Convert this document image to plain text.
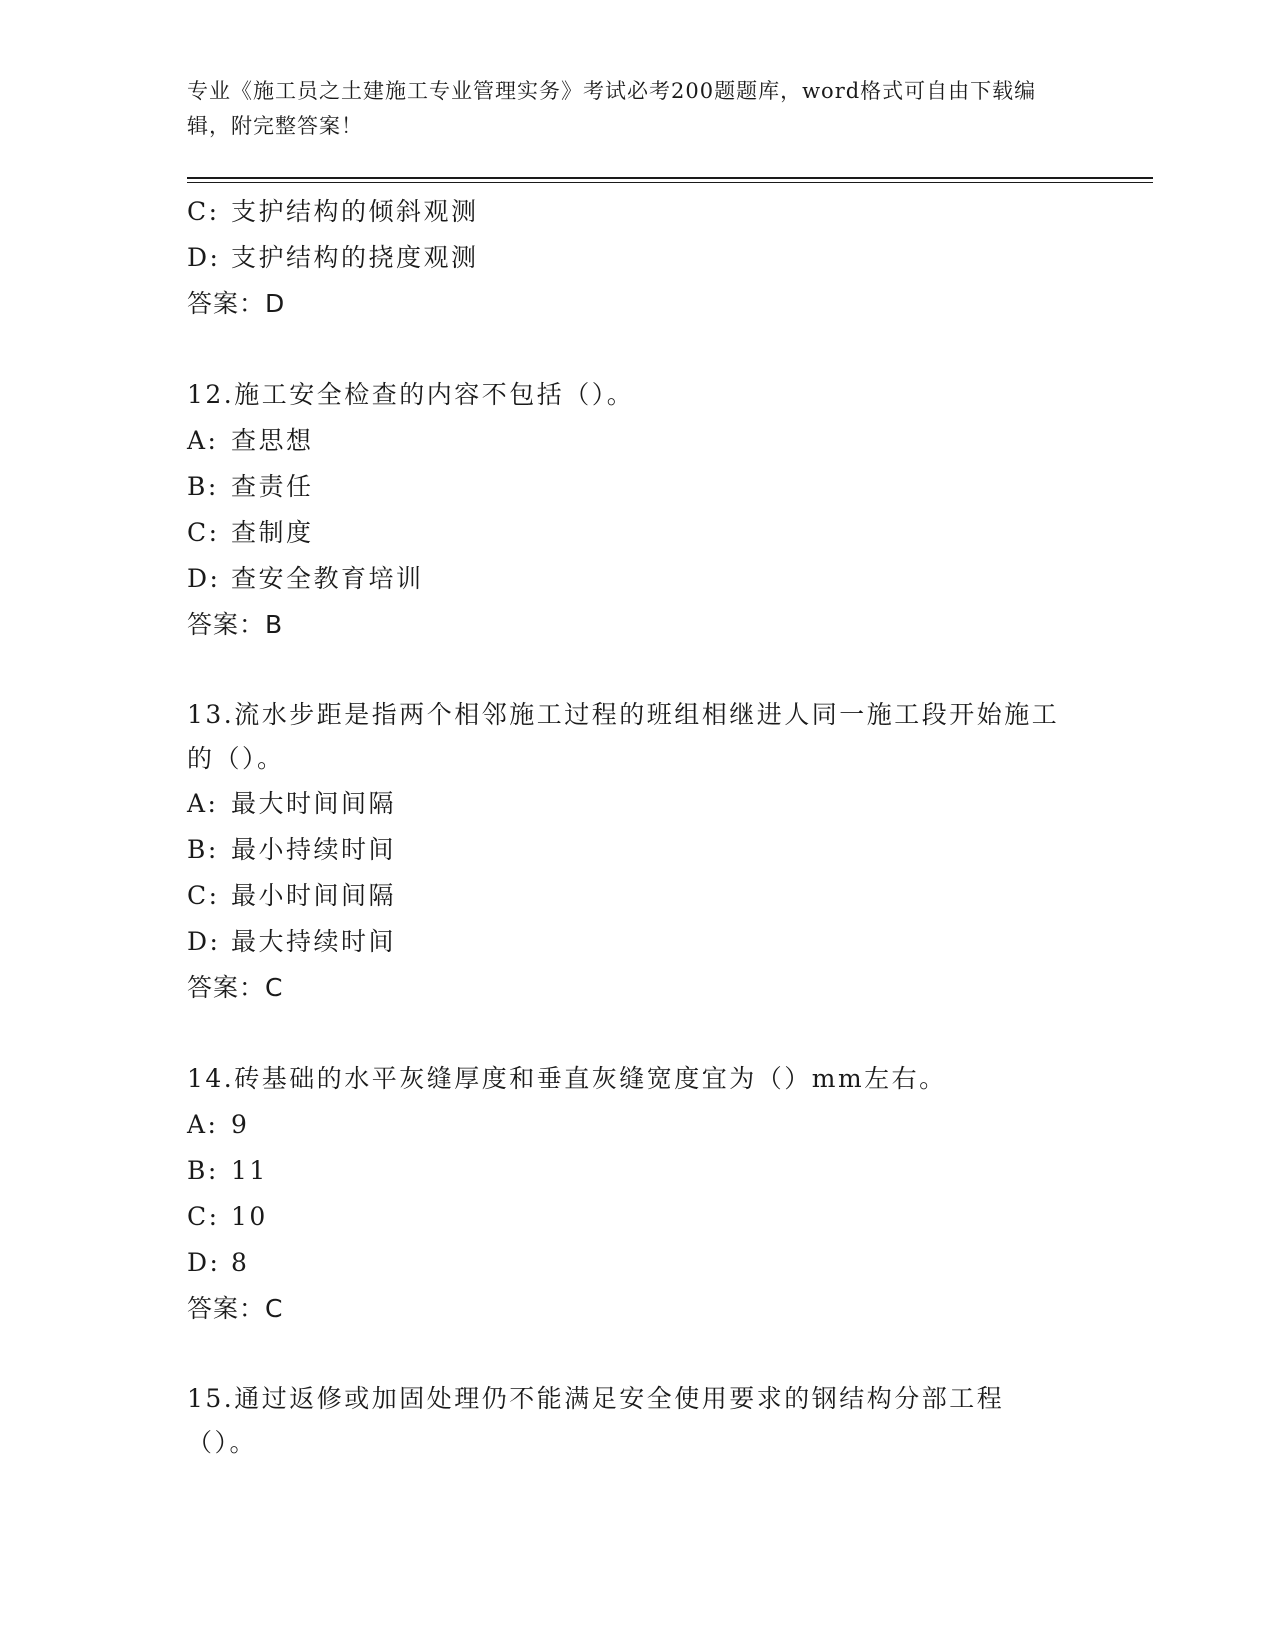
专业《施工员之土建施工专业管理实务》考试必考200题题库，word格式可自由下载编辑，附完整答案！
C: 支护结构的倾斜观测
D: 支护结构的挠度观测
答案：D
12.施工安全检查的内容不包括（）。
A: 查思想
B: 查责任
C: 查制度
D: 查安全教育培训
答案：B
13.流水步距是指两个相邻施工过程的班组相继进人同一施工段开始施工的（）。
A: 最大时间间隔
B: 最小持续时间
C: 最小时间间隔
D: 最大持续时间
答案：C
14.砖基础的水平灰缝厚度和垂直灰缝宽度宜为（）mm左右。
A: 9
B: 11
C: 10
D: 8
答案：C
15.通过返修或加固处理仍不能满足安全使用要求的钢结构分部工程（）。
